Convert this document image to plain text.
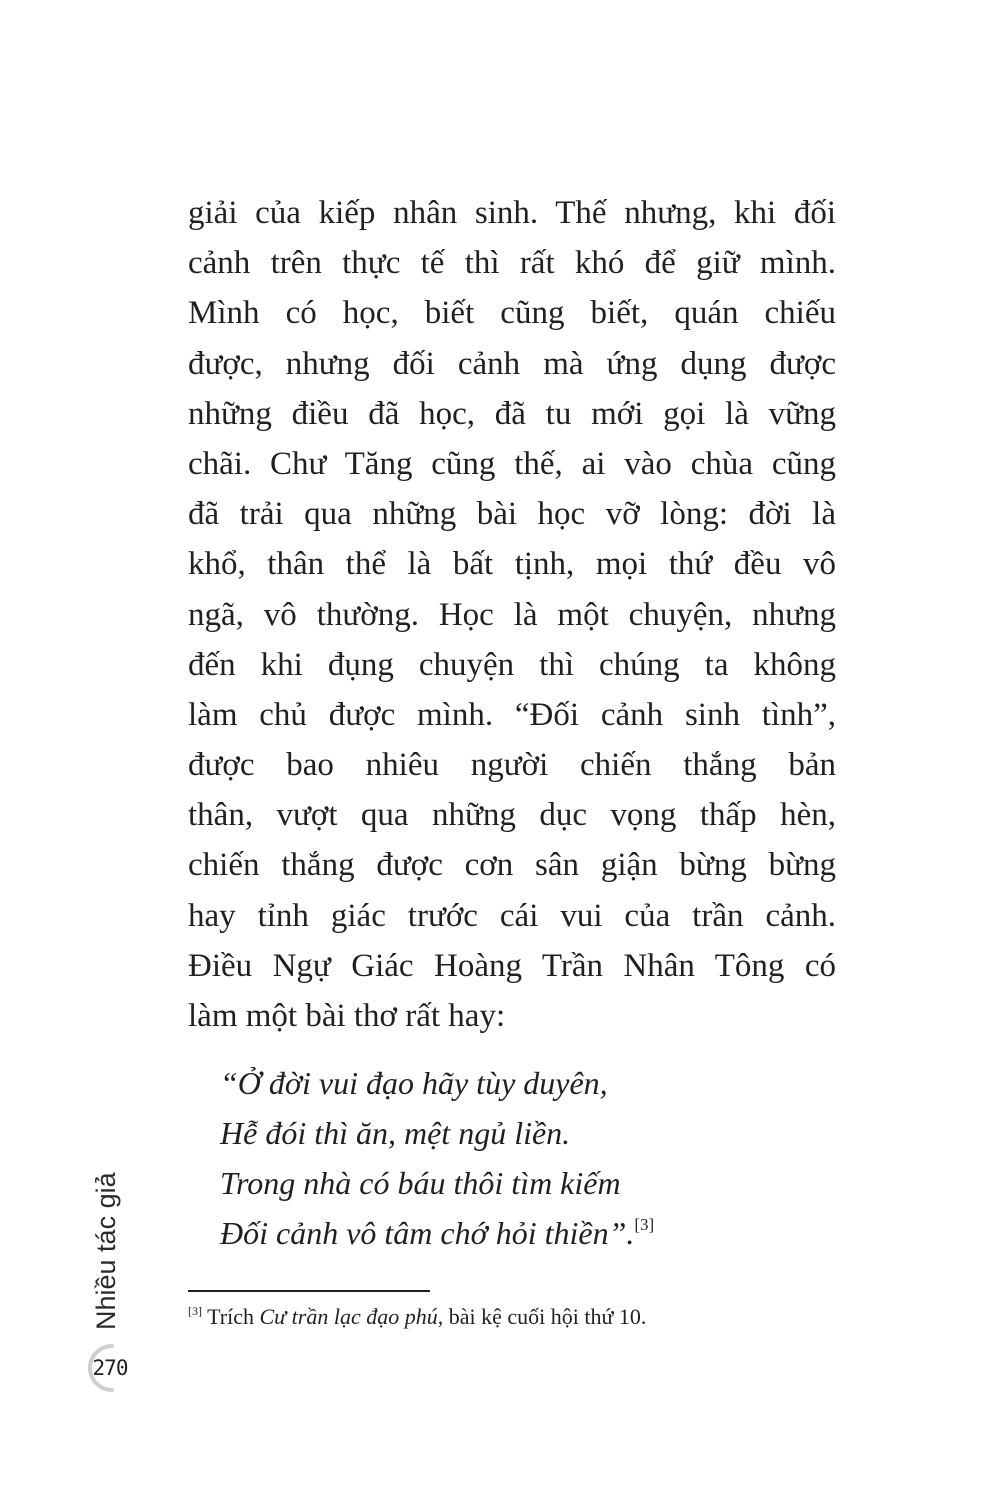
giải của kiếp nhân sinh. Thế nhưng, khi đối
cảnh trên thực tế thì rất khó để giữ mình.
Mình có học, biết cũng biết, quán chiếu
được, nhưng đối cảnh mà ứng dụng được
những điều đã học, đã tu mới gọi là vững
chãi. Chư Tăng cũng thế, ai vào chùa cũng
đã trải qua những bài học vỡ lòng: đời là
khổ, thân thể là bất tịnh, mọi thứ đều vô
ngã, vô thường. Học là một chuyện, nhưng
đến khi đụng chuyện thì chúng ta không
làm chủ được mình. “Đối cảnh sinh tình”,
được bao nhiêu người chiến thắng bản
thân, vượt qua những dục vọng thấp hèn,
chiến thắng được cơn sân giận bừng bừng
hay tỉnh giác trước cái vui của trần cảnh.
Điều Ngự Giác Hoàng Trần Nhân Tông có
làm một bài thơ rất hay:
“Ở đời vui đạo hãy tùy duyên,
Hễ đói thì ăn, mệt ngủ liền.
Trong nhà có báu thôi tìm kiếm
Đối cảnh vô tâm chớ hỏi thiền”.[3]

[3] Trích Cư trần lạc đạo phú, bài kệ cuối hội thứ 10.

Nhiều tác giả
270
